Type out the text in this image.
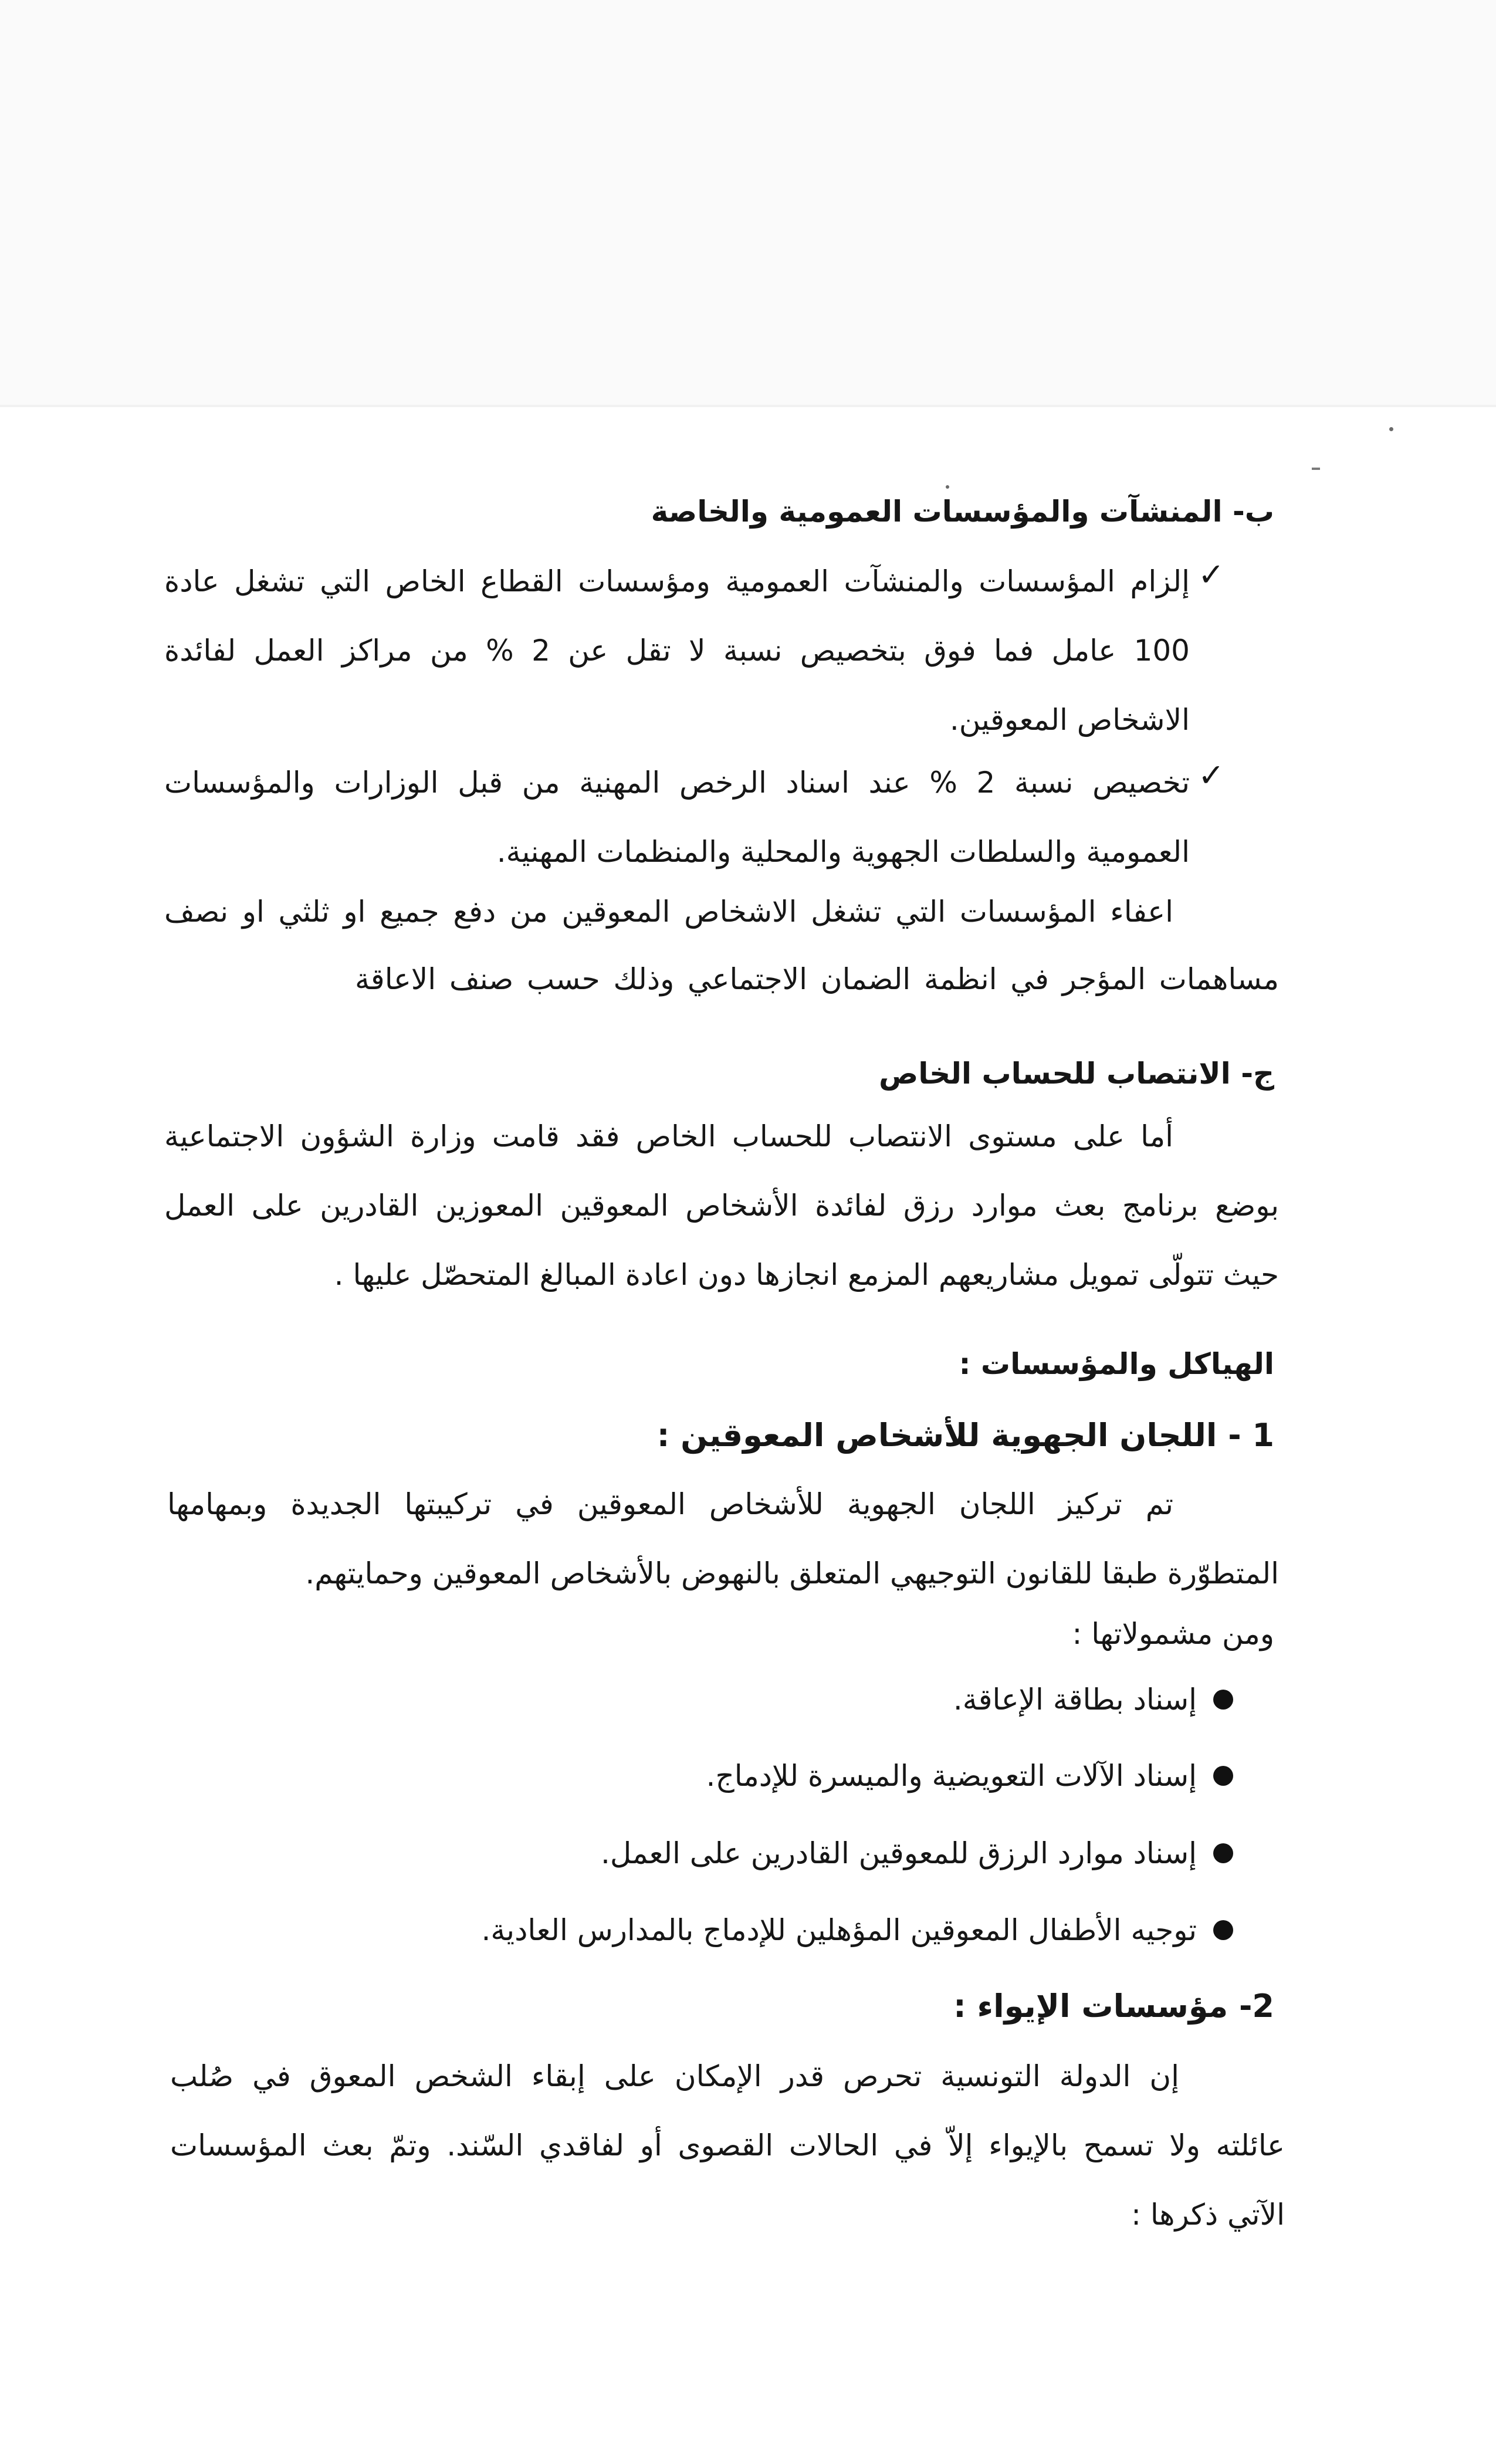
ب- المنشآت والمؤسسات العمومية والخاصة
✓
إلزام المؤسسات والمنشآت العمومية ومؤسسات القطاع الخاص التي تشغل عادة
100 عامل فما فوق بتخصيص نسبة لا تقل عن 2 % من مراكز العمل لفائدة
الاشخاص المعوقين.
✓
تخصيص نسبة 2 % عند اسناد الرخص المهنية من قبل الوزارات والمؤسسات
العمومية والسلطات الجهوية والمحلية والمنظمات المهنية.
اعفاء المؤسسات التي تشغل الاشخاص المعوقين من دفع جميع او ثلثي او نصف
مساهمات المؤجر في انظمة الضمان الاجتماعي وذلك حسب صنف الاعاقة
ج- الانتصاب للحساب الخاص
أما على مستوى الانتصاب للحساب الخاص فقد قامت وزارة الشؤون الاجتماعية
بوضع برنامج بعث موارد رزق لفائدة الأشخاص المعوقين المعوزين القادرين على العمل
حيث تتولّى تمويل مشاريعهم المزمع انجازها دون اعادة المبالغ المتحصّل عليها .
الهياكل والمؤسسات :
1 - اللجان الجهوية للأشخاص المعوقين :
تم تركيز اللجان الجهوية للأشخاص المعوقين في تركيبتها الجديدة وبمهامها
المتطوّرة طبقا للقانون التوجيهي المتعلق بالنهوض بالأشخاص المعوقين وحمايتهم.
ومن مشمولاتها :
إسناد بطاقة الإعاقة.
إسناد الآلات التعويضية والميسرة للإدماج.
إسناد موارد الرزق للمعوقين القادرين على العمل.
توجيه الأطفال المعوقين المؤهلين للإدماج بالمدارس العادية.
2- مؤسسات الإيواء :
إن الدولة التونسية تحرص قدر الإمكان على إبقاء الشخص المعوق في صُلب
عائلته ولا تسمح بالإيواء إلاّ في الحالات القصوى أو لفاقدي السّند. وتمّ بعث المؤسسات
الآتي ذكرها :
